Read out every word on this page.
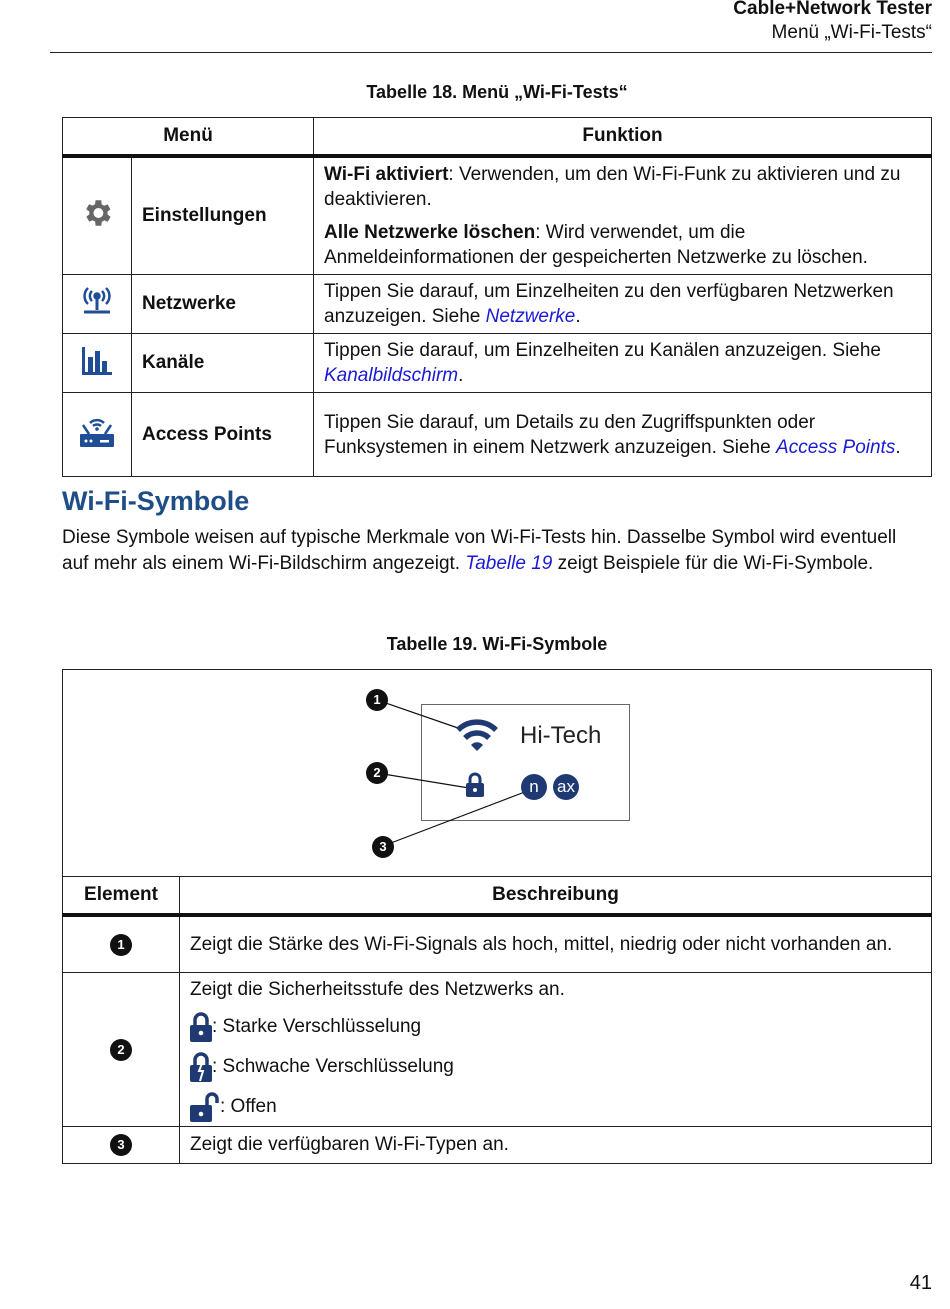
Cable+Network Tester
Menü „Wi-Fi-Tests“
Tabelle 18. Menü „Wi-Fi-Tests“
Menü		Funktion
	Einstellungen	Wi-Fi aktiviert: Verwenden, um den Wi-Fi-Funk zu aktivieren und zu deaktivieren.

Alle Netzwerke löschen: Wird verwendet, um die Anmeldeinformationen der gespeicherten Netzwerke zu löschen.

	Netzwerke	Tippen Sie darauf, um Einzelheiten zu den verfügbaren Netzwerken anzuzeigen. Siehe Netzwerke.
	Kanäle	Tippen Sie darauf, um Einzelheiten zu Kanälen anzuzeigen. Siehe Kanalbildschirm.
	Access Points	Tippen Sie darauf, um Details zu den Zugriffspunkten oder Funksystemen in einem Netzwerk anzuzeigen. Siehe Access Points.
Wi-Fi-Symbole
Diese Symbole weisen auf typische Merkmale von Wi-Fi-Tests hin. Dasselbe Symbol wird eventuell auf mehr als einem Wi-Fi-Bildschirm angezeigt. Tabelle 19 zeigt Beispiele für die Wi-Fi-Symbole.
Tabelle 19. Wi-Fi-Symbole
Hi-Tech
n	ax
1
2
3

Element	Beschreibung
1	Zeigt die Stärke des Wi-Fi-Signals als hoch, mittel, niedrig oder nicht vorhanden an.
2	Zeigt die Sicherheitsstufe des Netzwerks an.
: Starke Verschlüsselung
: Schwache Verschlüsselung
: Offen

3	Zeigt die verfügbaren Wi-Fi-Typen an.
41
